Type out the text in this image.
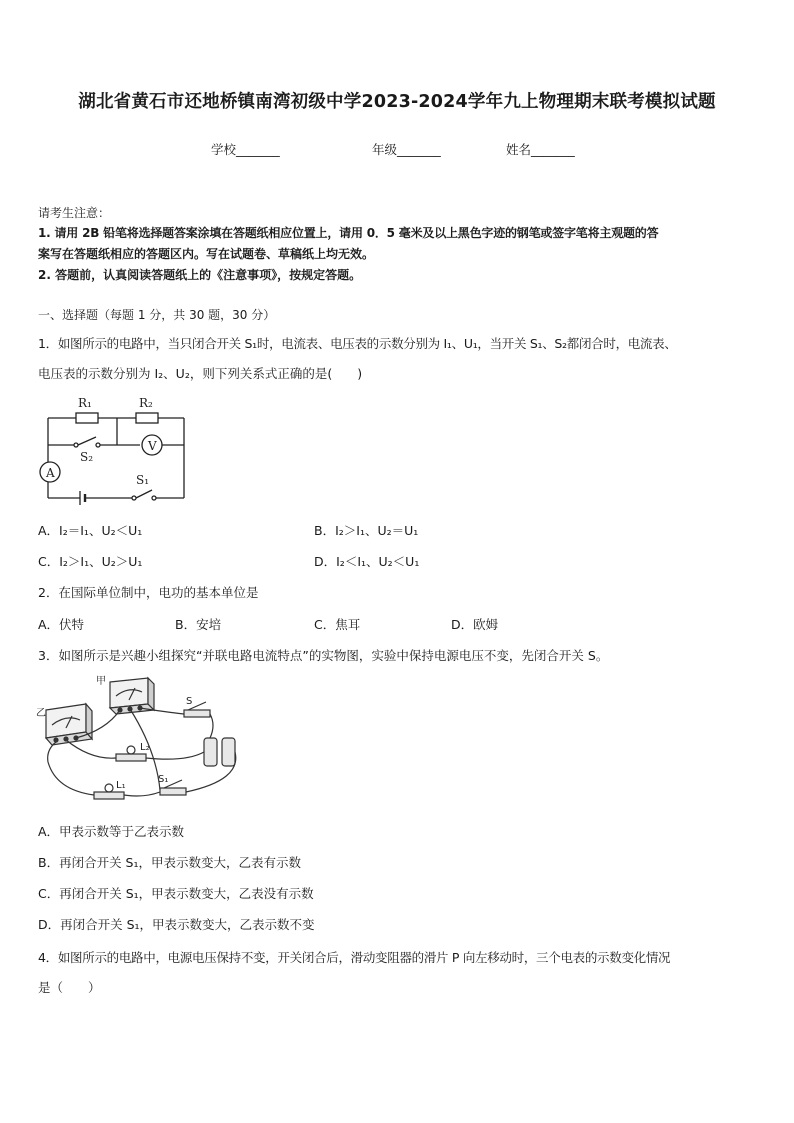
湖北省黄石市还地桥镇南湾初级中学2023-2024学年九上物理期末联考模拟试题
学校_______	年级_______	姓名_______
请考生注意：
1. 请用 2B 铅笔将选择题答案涂填在答题纸相应位置上，请用 0．5 毫米及以上黑色字迹的钢笔或签字笔将主观题的答
案写在答题纸相应的答题区内。写在试题卷、草稿纸上均无效。
2. 答题前，认真阅读答题纸上的《注意事项》，按规定答题。
一、选择题（每题 1 分，共 30 题，30 分）
1．如图所示的电路中，当只闭合开关 S₁时，电流表、电压表的示数分别为 I₁、U₁，当开关 S₁、S₂都闭合时，电流表、
电压表的示数分别为 I₂、U₂，则下列关系式正确的是(　　)
R₁	R₂
S₂
S₁
A
V
A．I₂＝I₁、U₂＜U₁	B．I₂＞I₁、U₂＝U₁
C．I₂＞I₁、U₂＞U₁	D．I₂＜I₁、U₂＜U₁
2．在国际单位制中，电功的基本单位是
A．伏特	B．安培	C．焦耳	D．欧姆
3．如图所示是兴趣小组探究“并联电路电流特点”的实物图，实验中保持电源电压不变，先闭合开关 S。
甲
乙
S
L₂
L₁
S₁
A．甲表示数等于乙表示数
B．再闭合开关 S₁，甲表示数变大，乙表有示数
C．再闭合开关 S₁，甲表示数变大，乙表没有示数
D．再闭合开关 S₁，甲表示数变大，乙表示数不变
4．如图所示的电路中，电源电压保持不变，开关闭合后，滑动变阻器的滑片 P 向左移动时，三个电表的示数变化情况
是（　　）
